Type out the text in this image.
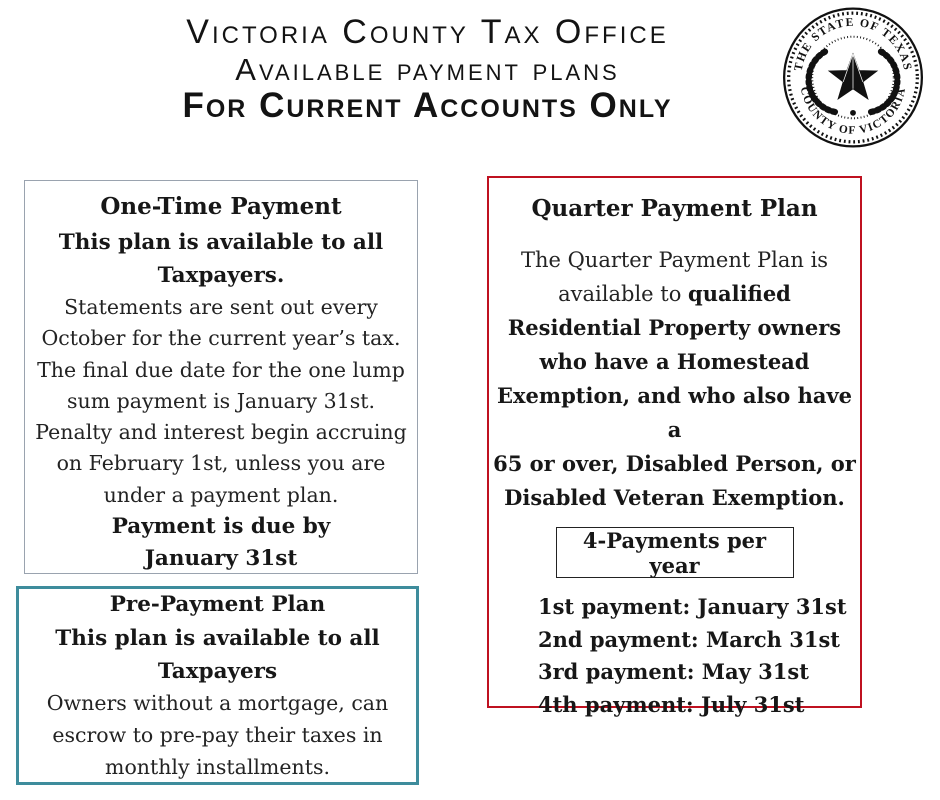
Victoria County Tax Office
Available payment plans
For Current Accounts Only
THE STATE OF TEXAS
COUNTY OF VICTORIA
One-Time Payment
This plan is available to all
Taxpayers.
Statements are sent out every
October for the current year’s tax.
The final due date for the one lump
sum payment is January 31st.
Penalty and interest begin accruing
on February 1st, unless you are
under a payment plan.
Payment is due by
January 31st
Pre-Payment Plan
This plan is available to all
Taxpayers
Owners without a mortgage, can
escrow to pre-pay their taxes in
monthly installments.
Quarter Payment Plan
The Quarter Payment Plan is
available to qualified
Residential Property owners
who have a Homestead
Exemption, and who also have a
65 or over, Disabled Person, or
Disabled Veteran Exemption.
4-Payments per year
1st payment: January 31st
2nd payment: March 31st
3rd payment: May 31st
4th payment: July 31st
